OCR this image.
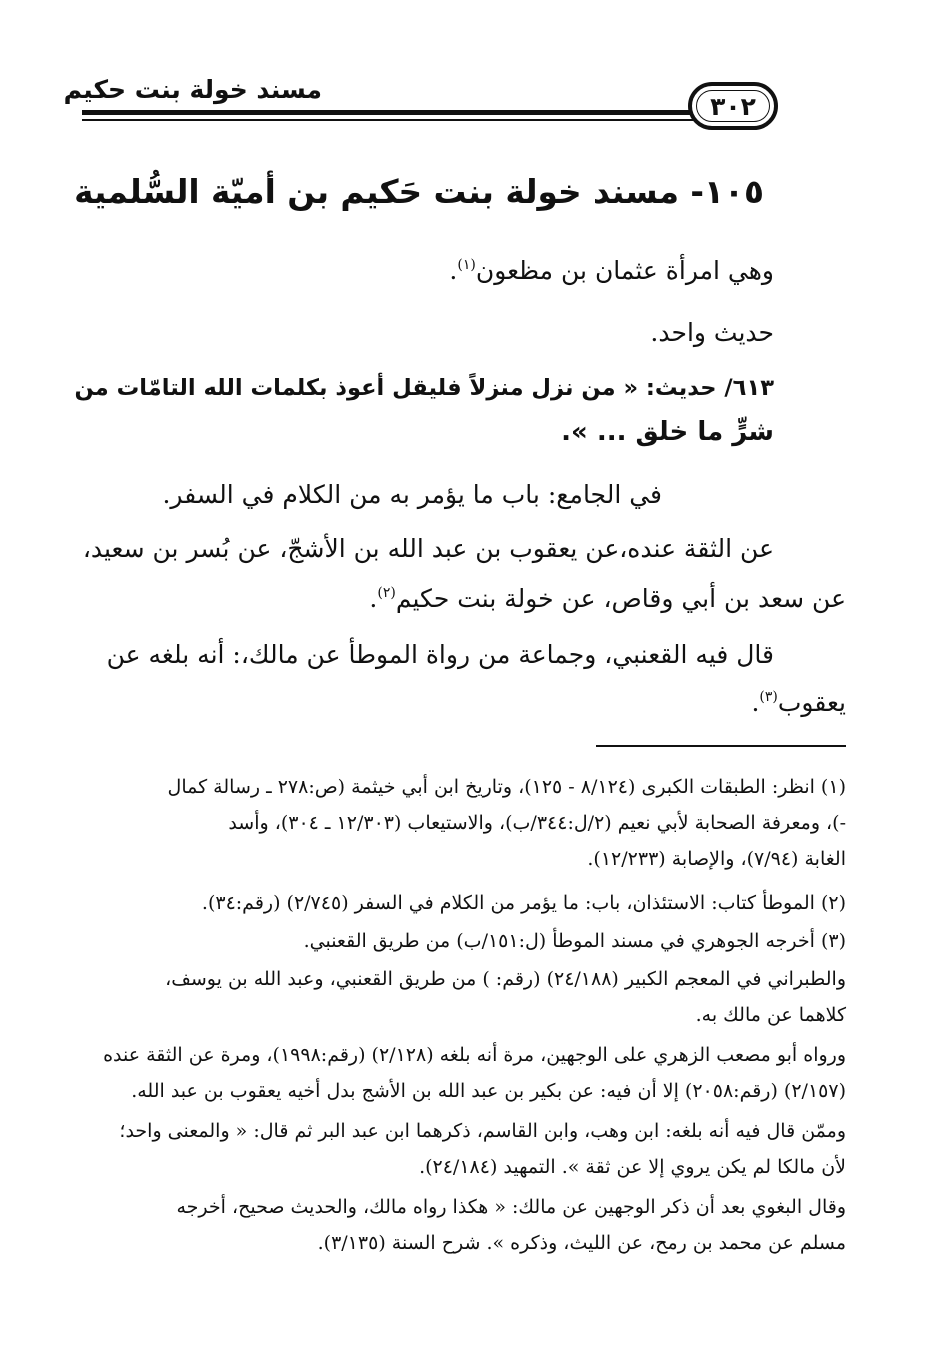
مسند خولة بنت حكيم
٣٠٢
١٠٥- مسند خولة بنت حَكيم بن أميّة السُّلمية
وهي امرأة عثمان بن مظعون$^{(١)}$.
حديث واحد.
٦١٣/ حديث: « من نزل منزلاً فليقل أعوذ بكلمات الله التامّات من
شرٍّ ما خلق ... ».
في الجامع: باب ما يؤمر به من الكلام في السفر.
عن الثقة عنده،عن يعقوب بن عبد الله بن الأشجّ، عن بُسر بن سعيد،
عن سعد بن أبي وقاص، عن خولة بنت حكيم$^{(٢)}$.
قال فيه القعنبي، وجماعة من رواة الموطأ عن مالك،: أنه بلغه عن
يعقوب$^{(٣)}$.
(١) انظر: الطبقات الكبرى (٨/١٢٤ - ١٢٥)، وتاريخ ابن أبي خيثمة (ص:٢٧٨ ـ رسالة كمال
-)، ومعرفة الصحابة لأبي نعيم (٢/ل:٣٤٤/ب)، والاستيعاب (١٢/٣٠٣ ـ ٣٠٤)، وأسد
الغابة (٧/٩٤)، والإصابة (١٢/٢٣٣).
(٢) الموطأ كتاب: الاستئذان، باب: ما يؤمر من الكلام في السفر (٢/٧٤٥) (رقم:٣٤).
(٣) أخرجه الجوهري في مسند الموطأ (ل:١٥١/ب) من طريق القعنبي.
والطبراني في المعجم الكبير (٢٤/١٨٨) (رقم: ) من طريق القعنبي، وعبد الله بن يوسف،
كلاهما عن مالك به.
ورواه أبو مصعب الزهري على الوجهين، مرة أنه بلغه (٢/١٢٨) (رقم:١٩٩٨)، ومرة عن الثقة عنده
(٢/١٥٧) (رقم:٢٠٥٨) إلا أن فيه: عن بكير بن عبد الله بن الأشج بدل أخيه يعقوب بن عبد الله.
وممّن قال فيه أنه بلغه: ابن وهب، وابن القاسم، ذكرهما ابن عبد البر ثم قال: « والمعنى واحد؛
لأن مالكا لم يكن يروي إلا عن ثقة ». التمهيد (٢٤/١٨٤).
وقال البغوي بعد أن ذكر الوجهين عن مالك: « هكذا رواه مالك، والحديث صحيح، أخرجه
مسلم عن محمد بن رمح، عن الليث، وذكره ». شرح السنة (٣/١٣٥).
